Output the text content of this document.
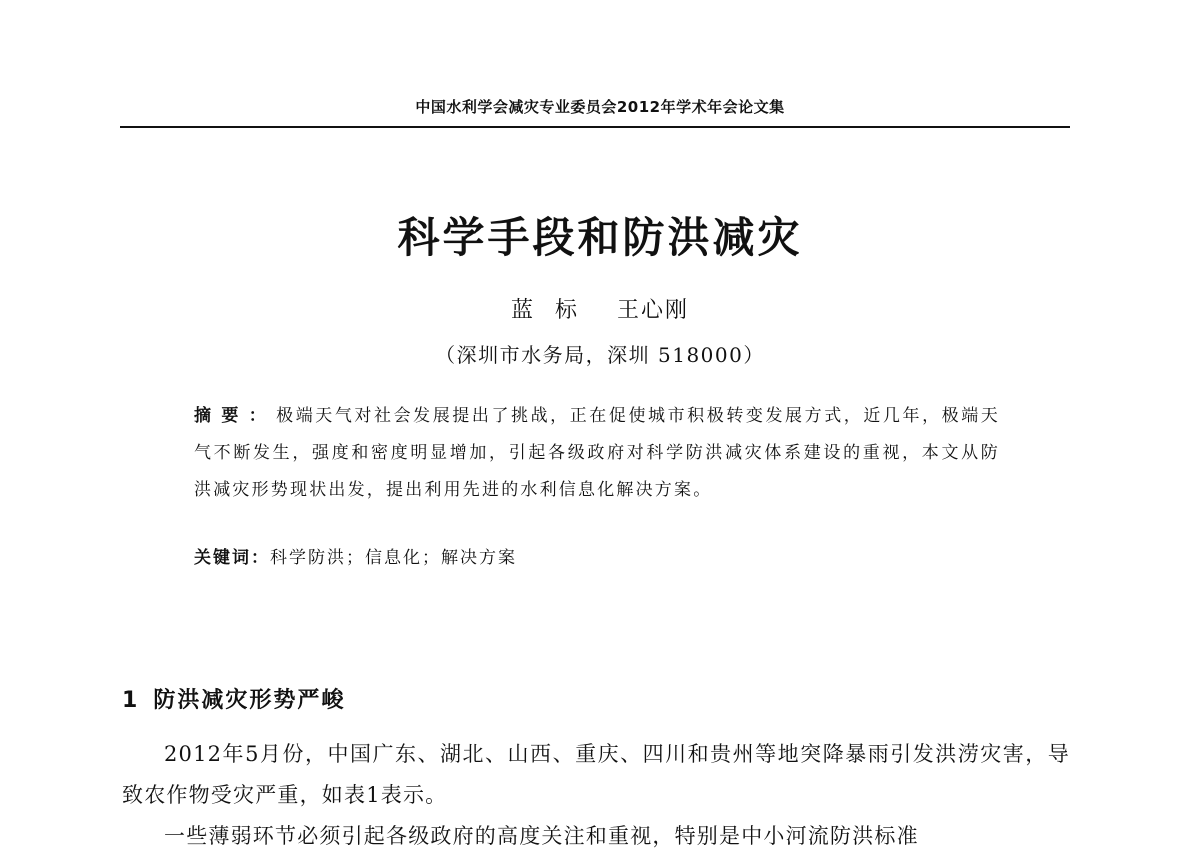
中国水利学会减灾专业委员会2012年学术年会论文集
科学手段和防洪减灾
蓝标 王心刚
（深圳市水务局，深圳 518000）
摘要：极端天气对社会发展提出了挑战，正在促使城市积极转变发展方式，近几年，极端天气不断发生，强度和密度明显增加，引起各级政府对科学防洪减灾体系建设的重视，本文从防洪减灾形势现状出发，提出利用先进的水利信息化解决方案。
关键词：科学防洪；信息化；解决方案
1 防洪减灾形势严峻

2012年5月份，中国广东、湖北、山西、重庆、四川和贵州等地突降暴雨引发洪涝灾害，导致农作物受灾严重，如表1表示。

一些薄弱环节必须引起各级政府的高度关注和重视，特别是中小河流防洪标准
